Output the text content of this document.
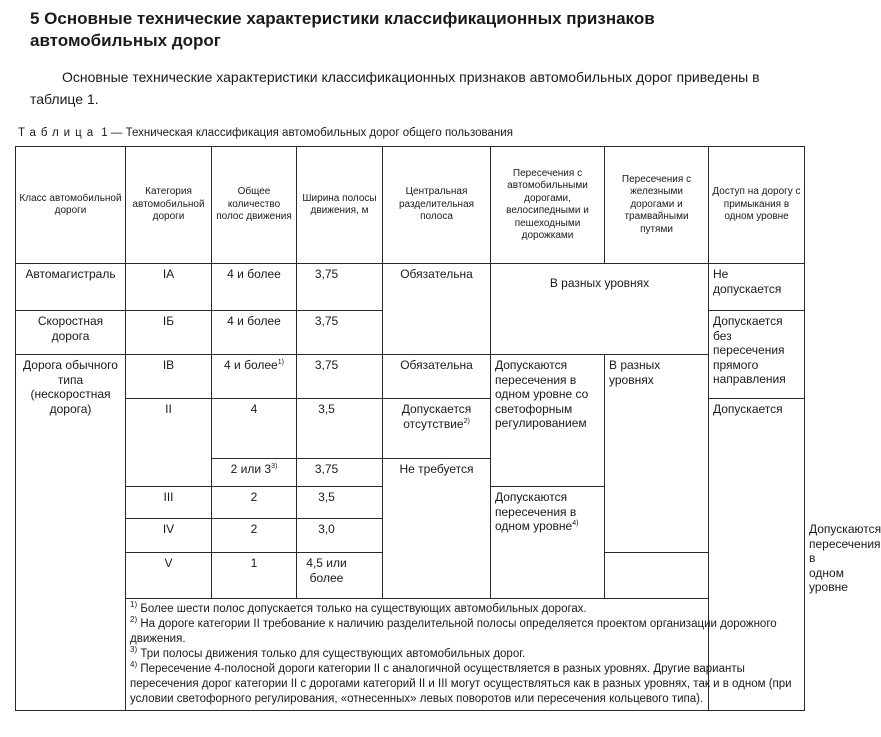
5 Основные технические характеристики классификационных признаков
автомобильных дорог

Основные технические характеристики классификационных признаков автомобильных дорог приведены в таблице 1.

Таблица 1 — Техническая классификация автомобильных дорог общего пользования

Класс автомобильной дороги	Категория автомобильной дороги	Общее количество полос движения	Ширина полосы движения, м	Центральная разделительная полоса	Пересечения с автомобильными дорогами, велосипедными и пешеходными дорожками	Пересечения с железными дорогами и трамвайными путями	Доступ на дорогу с примыкания в одном уровне	
Автомагистраль	IА	4 и более	3,75	Обязательна	В разных уровнях		Не допускается	
Скоростная дорога	IБ	4 и более	3,75				Допускается без пересечения прямого направления	
Дорога обычного типа (нескоростная дорога)	IВ	4 и более$^{1)}$	3,75	Обязательна	Допускаются пересечения в одном уровне со светофорным регулированием	В разных уровнях		
	II	4	3,5	Допускается отсутствие$^{2)}$			Допускается	
		2 или 3$^{3)}$	3,75	Не требуется				
	III	2	3,5		Допускаются пересечения в одном уровне$^{4)}$
	IV	2	3,0					Допускаются пересечения в одном уровне
	V	1	4,5 или более					

	$^{1)}$ Более шести полос допускается только на существующих автомобильных дорогах.

$^{2)}$ На дороге категории II требование к наличию разделительной полосы определяется проектом организации дорожного движения.

$^{3)}$ Три полосы движения только для существующих автомобильных дорог.

$^{4)}$ Пересечение 4-полосной дороги категории II с аналогичной осуществляется в разных уровнях. Другие варианты пересечения дорог категории II с дорогами категорий II и III могут осуществляться как в разных уровнях, так и в одном (при условии светофорного регулирования, «отнесенных» левых поворотов или пересечения кольцевого типа).							
